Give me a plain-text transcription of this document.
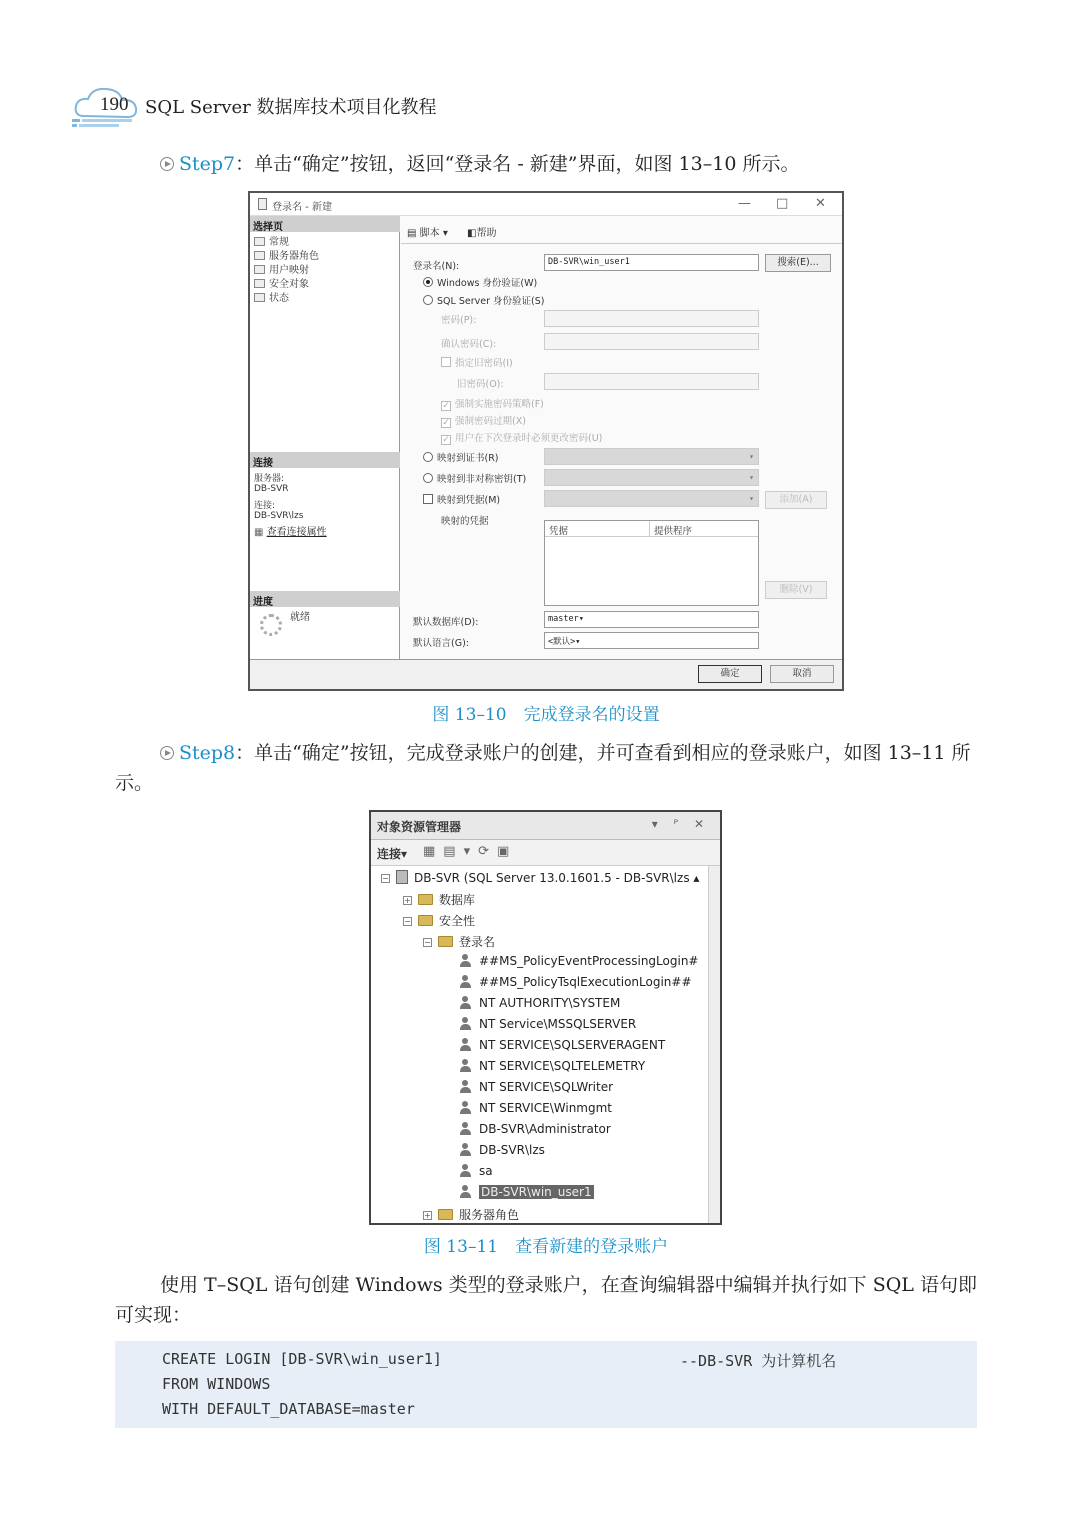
190 SQL Server 数据库技术项目化教程
Step7：单击“确定”按钮，返回“登录名 - 新建”界面，如图 13–10 所示。
登录名 - 新建	— □ ✕
选择页
常规
服务器角色
用户映射
安全对象
状态
连接
服务器:
DB-SVR
连接:
DB-SVR\lzs
▦ 查看连接属性
进度
就绪
▤ 脚本 ▾ ◧帮助
登录名(N):	DB-SVR\win_user1	搜索(E)...
Windows 身份验证(W)
SQL Server 身份验证(S)
密码(P):
确认密码(C):
指定旧密码(I)
旧密码(O):
✓ 强制实施密码策略(F)
✓ 强制密码过期(X)
✓ 用户在下次登录时必须更改密码(U)
映射到证书(R)	▾
映射到非对称密钥(T)	▾
映射到凭据(M)	▾	添加(A)
映射的凭据
凭据	提供程序
删除(V)
默认数据库(D):	master▾
默认语言(G):	<默认>▾
确定	取消
图 13–10　完成登录名的设置
Step8：单击“确定”按钮，完成登录账户的创建，并可查看到相应的登录账户，如图 13–11 所示。
对象资源管理器	▾ ᴾ ✕
连接▾ ▦▤▾⟳▣
− DB-SVR (SQL Server 13.0.1601.5 - DB-SVR\lzs ▴
+ 数据库
− 安全性
− 登录名
##MS_PolicyEventProcessingLogin#
##MS_PolicyTsqlExecutionLogin##
NT AUTHORITY\SYSTEM
NT Service\MSSQLSERVER
NT SERVICE\SQLSERVERAGENT
NT SERVICE\SQLTELEMETRY
NT SERVICE\SQLWriter
NT SERVICE\Winmgmt
DB-SVR\Administrator
DB-SVR\lzs
sa
DB-SVR\win_user1
+ 服务器角色
图 13–11　查看新建的登录账户
使用 T–SQL 语句创建 Windows 类型的登录账户，在查询编辑器中编辑并执行如下 SQL 语句即可实现：
CREATE LOGIN [DB-SVR\win_user1]	--DB-SVR 为计算机名
FROM WINDOWS
WITH DEFAULT_DATABASE=master
